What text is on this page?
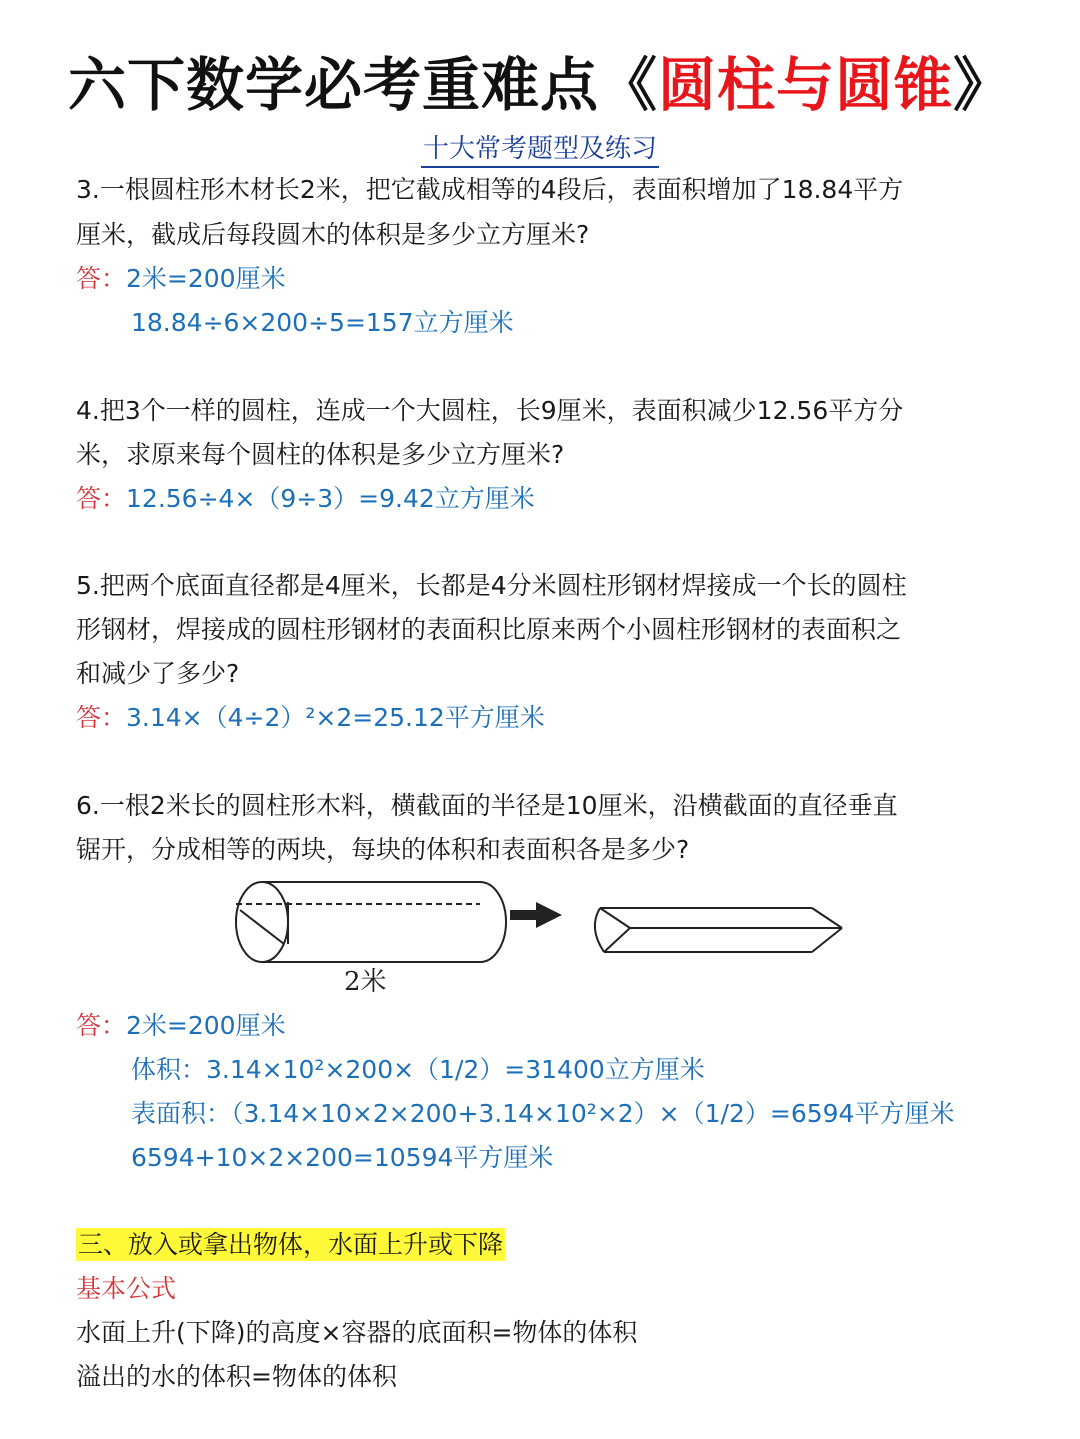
六下数学必考重难点《圆柱与圆锥》
十大常考题型及练习
3.一根圆柱形木材长2米，把它截成相等的4段后，表面积增加了18.84平方
厘米，截成后每段圆木的体积是多少立方厘米?
答：2米=200厘米
18.84÷6×200÷5=157立方厘米
4.把3个一样的圆柱，连成一个大圆柱，长9厘米，表面积减少12.56平方分
米，求原来每个圆柱的体积是多少立方厘米?
答：12.56÷4×（9÷3）=9.42立方厘米
5.把两个底面直径都是4厘米，长都是4分米圆柱形钢材焊接成一个长的圆柱
形钢材，焊接成的圆柱形钢材的表面积比原来两个小圆柱形钢材的表面积之
和减少了多少?
答：3.14×（4÷2）²×2=25.12平方厘米
6.一根2米长的圆柱形木料，横截面的半径是10厘米，沿横截面的直径垂直
锯开，分成相等的两块，每块的体积和表面积各是多少?
2米
答：2米=200厘米
体积：3.14×10²×200×（1/2）=31400立方厘米
表面积：（3.14×10×2×200+3.14×10²×2）×（1/2）=6594平方厘米
6594+10×2×200=10594平方厘米
三、放入或拿出物体，水面上升或下降
基本公式
水面上升(下降)的高度×容器的底面积=物体的体积
溢出的水的体积=物体的体积
